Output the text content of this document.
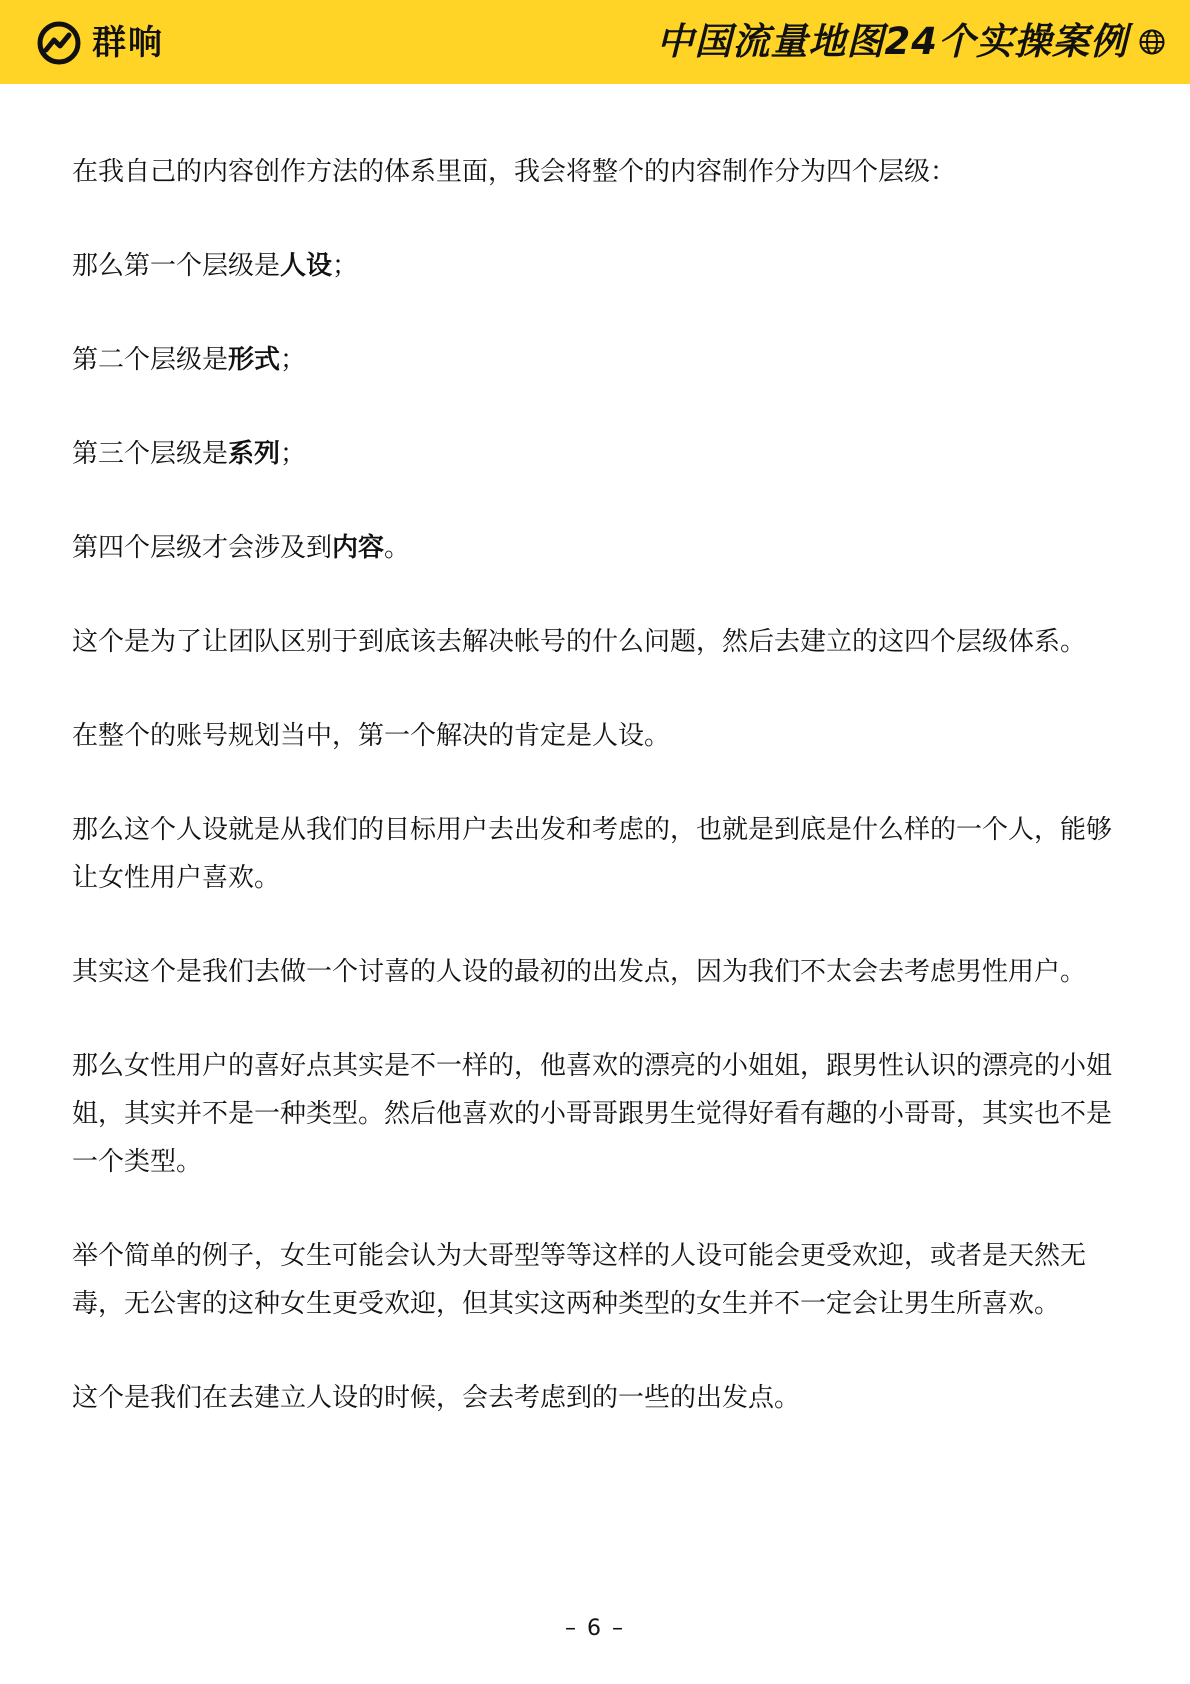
群响	中国流量地图24个实操案例

在我自己的内容创作方法的体系里面，我会将整个的内容制作分为四个层级：

那么第一个层级是人设；

第二个层级是形式；

第三个层级是系列；

第四个层级才会涉及到内容。

这个是为了让团队区别于到底该去解决帐号的什么问题，然后去建立的这四个层级体系。

在整个的账号规划当中，第一个解决的肯定是人设。

那么这个人设就是从我们的目标用户去出发和考虑的，也就是到底是什么样的一个人，能够让女性用户喜欢。

其实这个是我们去做一个讨喜的人设的最初的出发点，因为我们不太会去考虑男性用户。

那么女性用户的喜好点其实是不一样的，他喜欢的漂亮的小姐姐，跟男性认识的漂亮的小姐姐，其实并不是一种类型。然后他喜欢的小哥哥跟男生觉得好看有趣的小哥哥，其实也不是一个类型。

举个简单的例子，女生可能会认为大哥型等等这样的人设可能会更受欢迎，或者是天然无毒，无公害的这种女生更受欢迎，但其实这两种类型的女生并不一定会让男生所喜欢。

这个是我们在去建立人设的时候，会去考虑到的一些的出发点。

– 6 –
